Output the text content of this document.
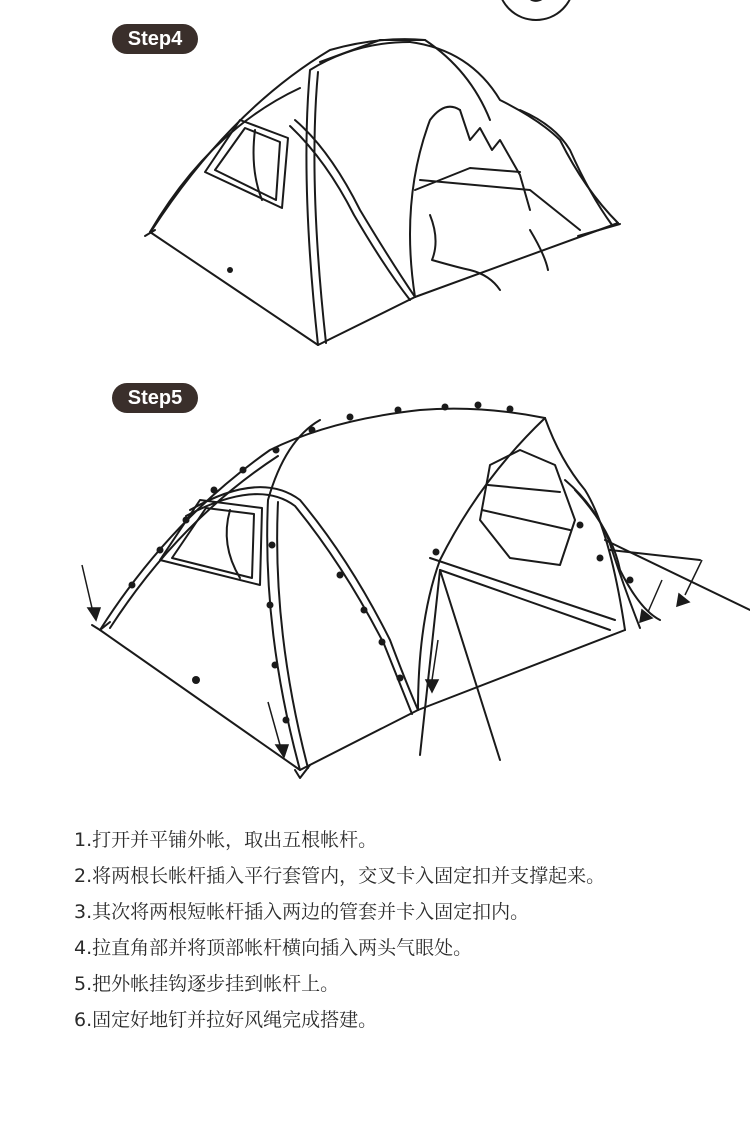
Step4
Step5
1.打开并平铺外帐，取出五根帐杆。
2.将两根长帐杆插入平行套管内，交叉卡入固定扣并支撑起来。
3.其次将两根短帐杆插入两边的管套并卡入固定扣内。
4.拉直角部并将顶部帐杆横向插入两头气眼处。
5.把外帐挂钩逐步挂到帐杆上。
6.固定好地钉并拉好风绳完成搭建。
